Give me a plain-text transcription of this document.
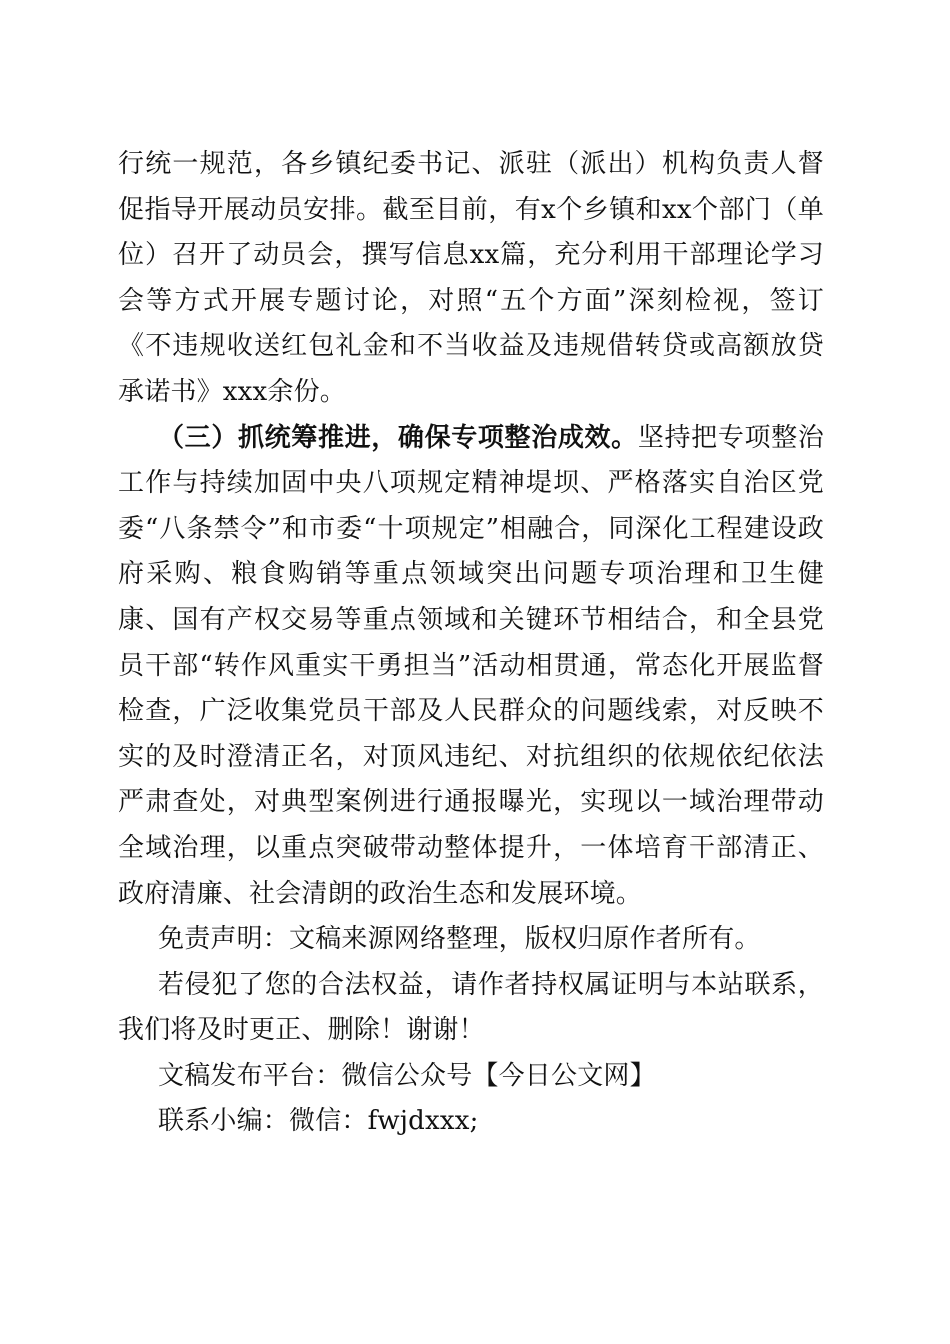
行统一规范，各乡镇纪委书记、派驻（派出）机构负责人督促指导开展动员安排。截至目前，有x个乡镇和xx个部门（单位）召开了动员会，撰写信息xx篇，充分利用干部理论学习会等方式开展专题讨论，对照“五个方面”深刻检视，签订《不违规收送红包礼金和不当收益及违规借转贷或高额放贷承诺书》xxx余份。

（三）抓统筹推进，确保专项整治成效。坚持把专项整治工作与持续加固中央八项规定精神堤坝、严格落实自治区党委“八条禁令”和市委“十项规定”相融合，同深化工程建设政府采购、粮食购销等重点领域突出问题专项治理和卫生健康、国有产权交易等重点领域和关键环节相结合，和全县党员干部“转作风重实干勇担当”活动相贯通，常态化开展监督检查，广泛收集党员干部及人民群众的问题线索，对反映不实的及时澄清正名，对顶风违纪、对抗组织的依规依纪依法严肃查处，对典型案例进行通报曝光，实现以一域治理带动全域治理，以重点突破带动整体提升，一体培育干部清正、政府清廉、社会清朗的政治生态和发展环境。

免责声明：文稿来源网络整理，版权归原作者所有。

若侵犯了您的合法权益，请作者持权属证明与本站联系，我们将及时更正、删除！谢谢！

文稿发布平台：微信公众号【今日公文网】

联系小编：微信：fwjdxxx;
